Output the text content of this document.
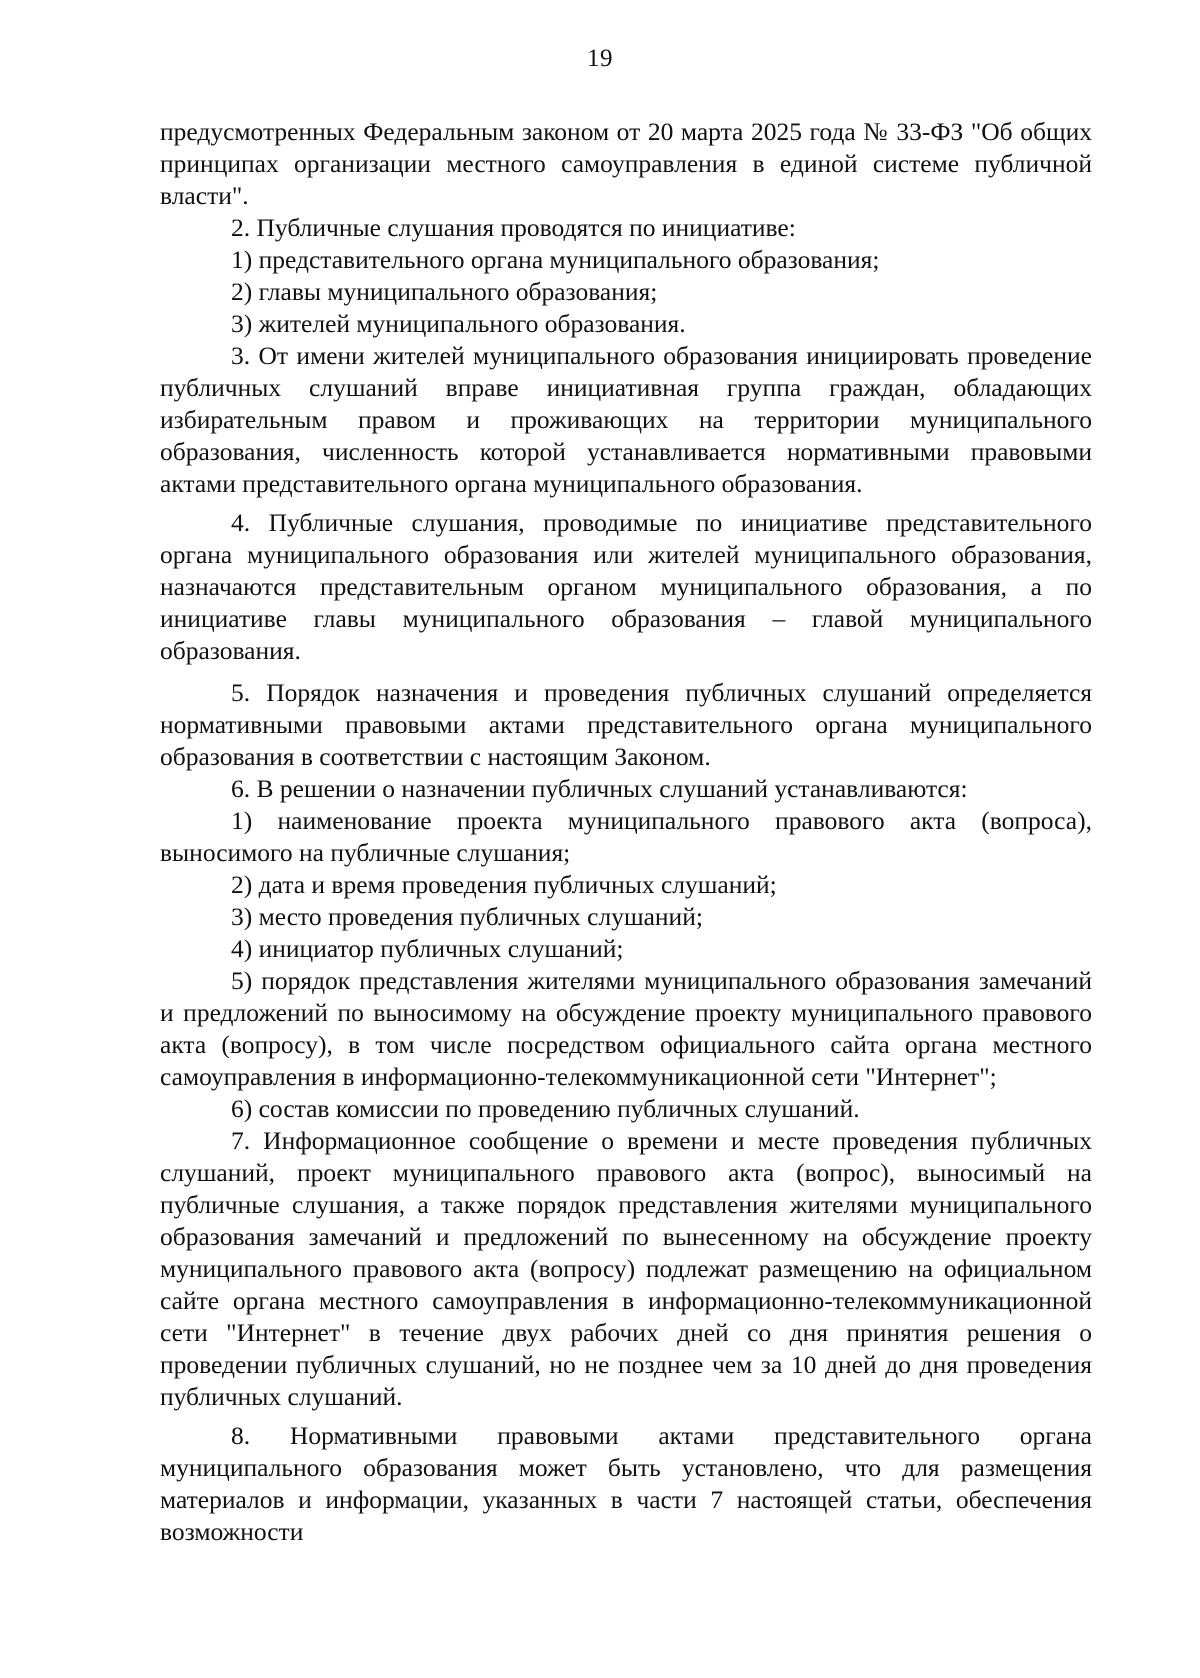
19

предусмотренных Федеральным законом от 20 марта 2025 года № 33-ФЗ "Об общих принципах организации местного самоуправления в единой системе публичной власти".

2. Публичные слушания проводятся по инициативе:

1) представительного органа муниципального образования;

2) главы муниципального образования;

3) жителей муниципального образования.

3. От имени жителей муниципального образования инициировать проведение публичных слушаний вправе инициативная группа граждан, обладающих избирательным правом и проживающих на территории муниципального образования, численность которой устанавливается нормативными правовыми актами представительного органа муниципального образования.

4. Публичные слушания, проводимые по инициативе представительного органа муниципального образования или жителей муниципального образования, назначаются представительным органом муниципального образования, а по инициативе главы муниципального образования – главой муниципального образования.

5. Порядок назначения и проведения публичных слушаний определяется нормативными правовыми актами представительного органа муниципального образования в соответствии с настоящим Законом.

6. В решении о назначении публичных слушаний устанавливаются:

1) наименование проекта муниципального правового акта (вопроса), выносимого на публичные слушания;

2) дата и время проведения публичных слушаний;

3) место проведения публичных слушаний;

4) инициатор публичных слушаний;

5) порядок представления жителями муниципального образования замечаний и предложений по выносимому на обсуждение проекту муниципального правового акта (вопросу), в том числе посредством официального сайта органа местного самоуправления в информационно-телекоммуникационной сети "Интернет";

6) состав комиссии по проведению публичных слушаний.

7. Информационное сообщение о времени и месте проведения публичных слушаний, проект муниципального правового акта (вопрос), выносимый на публичные слушания, а также порядок представления жителями муниципального образования замечаний и предложений по вынесенному на обсуждение проекту муниципального правового акта (вопросу) подлежат размещению на официальном сайте органа местного самоуправления в информационно-телекоммуникационной сети "Интернет" в течение двух рабочих дней со дня принятия решения о проведении публичных слушаний, но не позднее чем за 10 дней до дня проведения публичных слушаний.

8. Нормативными правовыми актами представительного органа муниципального образования может быть установлено, что для размещения материалов и информации, указанных в части 7 настоящей статьи, обеспечения возможности
